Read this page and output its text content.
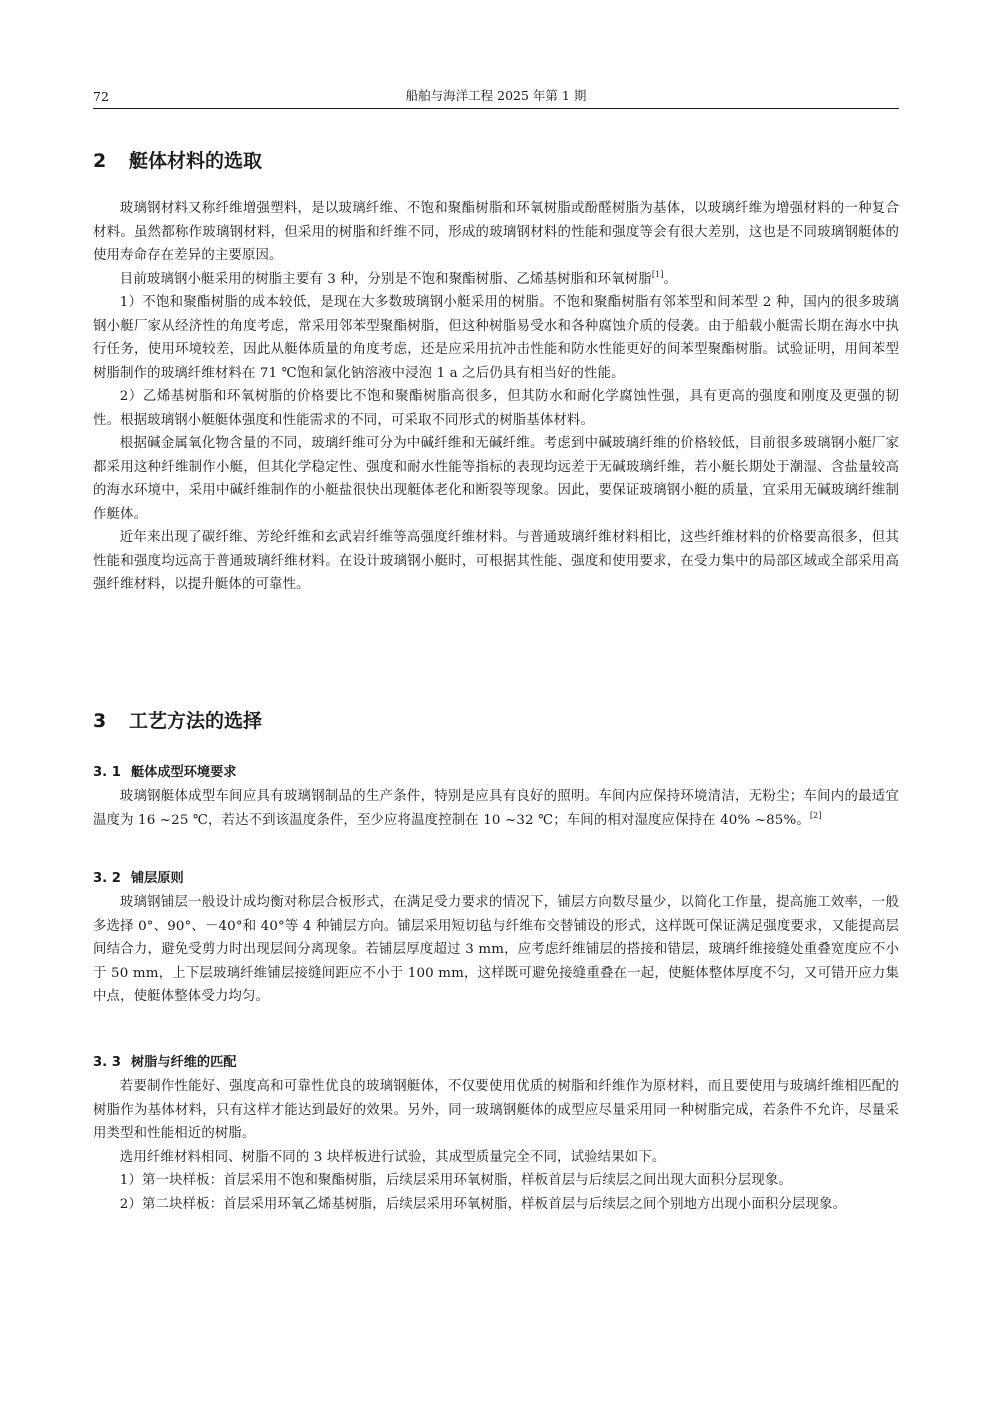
72	船舶与海洋工程 2025 年第 1 期
2 艇体材料的选取

玻璃钢材料又称纤维增强塑料，是以玻璃纤维、不饱和聚酯树脂和环氧树脂或酚醛树脂为基体，以玻璃纤维为增强材料的一种复合材料。虽然都称作玻璃钢材料，但采用的树脂和纤维不同，形成的玻璃钢材料的性能和强度等会有很大差别，这也是不同玻璃钢艇体的使用寿命存在差异的主要原因。

目前玻璃钢小艇采用的树脂主要有 3 种，分别是不饱和聚酯树脂、乙烯基树脂和环氧树脂[1]。

1）不饱和聚酯树脂的成本较低，是现在大多数玻璃钢小艇采用的树脂。不饱和聚酯树脂有邻苯型和间苯型 2 种，国内的很多玻璃钢小艇厂家从经济性的角度考虑，常采用邻苯型聚酯树脂，但这种树脂易受水和各种腐蚀介质的侵袭。由于船载小艇需长期在海水中执行任务，使用环境较差，因此从艇体质量的角度考虑，还是应采用抗冲击性能和防水性能更好的间苯型聚酯树脂。试验证明，用间苯型树脂制作的玻璃纤维材料在 71 ℃饱和氯化钠溶液中浸泡 1 a 之后仍具有相当好的性能。

2）乙烯基树脂和环氧树脂的价格要比不饱和聚酯树脂高很多，但其防水和耐化学腐蚀性强，具有更高的强度和刚度及更强的韧性。根据玻璃钢小艇艇体强度和性能需求的不同，可采取不同形式的树脂基体材料。

根据碱金属氧化物含量的不同，玻璃纤维可分为中碱纤维和无碱纤维。考虑到中碱玻璃纤维的价格较低，目前很多玻璃钢小艇厂家都采用这种纤维制作小艇，但其化学稳定性、强度和耐水性能等指标的表现均远差于无碱玻璃纤维，若小艇长期处于潮湿、含盐量较高的海水环境中，采用中碱纤维制作的小艇盐很快出现艇体老化和断裂等现象。因此，要保证玻璃钢小艇的质量，宜采用无碱玻璃纤维制作艇体。

近年来出现了碳纤维、芳纶纤维和玄武岩纤维等高强度纤维材料。与普通玻璃纤维材料相比，这些纤维材料的价格要高很多，但其性能和强度均远高于普通玻璃纤维材料。在设计玻璃钢小艇时，可根据其性能、强度和使用要求，在受力集中的局部区域或全部采用高强纤维材料，以提升艇体的可靠性。

3 工艺方法的选择
3. 1 艇体成型环境要求

玻璃钢艇体成型车间应具有玻璃钢制品的生产条件，特别是应具有良好的照明。车间内应保持环境清洁，无粉尘；车间内的最适宜温度为 16 ~25 ℃，若达不到该温度条件，至少应将温度控制在 10 ~32 ℃；车间的相对湿度应保持在 40% ~85%。[2]

3. 2 铺层原则

玻璃钢铺层一般设计成均衡对称层合板形式，在满足受力要求的情况下，铺层方向数尽量少，以简化工作量，提高施工效率，一般多选择 0°、90°、－40°和 40°等 4 种铺层方向。铺层采用短切毡与纤维布交替铺设的形式，这样既可保证满足强度要求，又能提高层间结合力，避免受剪力时出现层间分离现象。若铺层厚度超过 3 mm，应考虑纤维铺层的搭接和错层，玻璃纤维接缝处重叠宽度应不小于 50 mm，上下层玻璃纤维铺层接缝间距应不小于 100 mm，这样既可避免接缝重叠在一起，使艇体整体厚度不匀，又可错开应力集中点，使艇体整体受力均匀。

3. 3 树脂与纤维的匹配

若要制作性能好、强度高和可靠性优良的玻璃钢艇体，不仅要使用优质的树脂和纤维作为原材料，而且要使用与玻璃纤维相匹配的树脂作为基体材料，只有这样才能达到最好的效果。另外，同一玻璃钢艇体的成型应尽量采用同一种树脂完成，若条件不允许，尽量采用类型和性能相近的树脂。

选用纤维材料相同、树脂不同的 3 块样板进行试验，其成型质量完全不同，试验结果如下。

1）第一块样板：首层采用不饱和聚酯树脂，后续层采用环氧树脂，样板首层与后续层之间出现大面积分层现象。

2）第二块样板：首层采用环氧乙烯基树脂，后续层采用环氧树脂，样板首层与后续层之间个别地方出现小面积分层现象。
